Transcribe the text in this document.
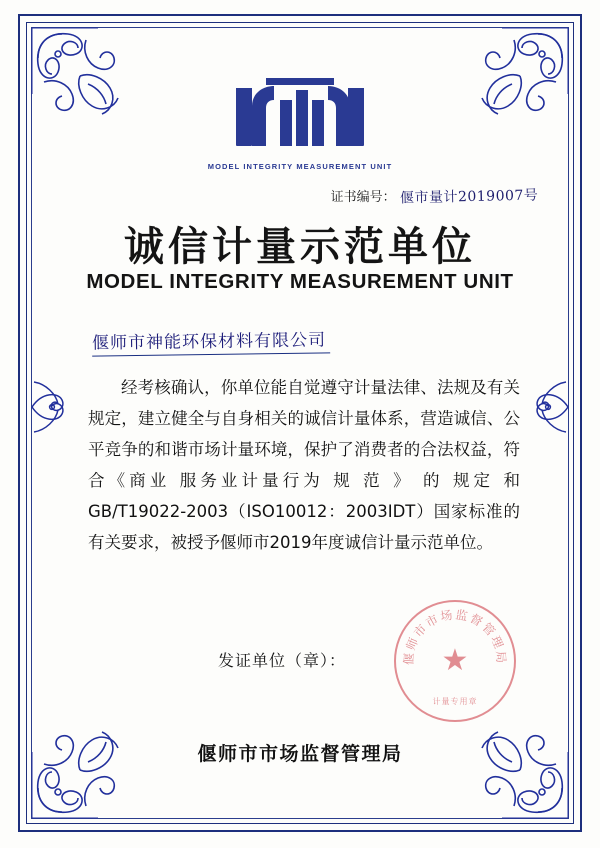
MODEL INTEGRITY MEASUREMENT UNIT
证书编号： 偃市量计2019007号
诚信计量示范单位
MODEL INTEGRITY MEASUREMENT UNIT
偃师市神能环保材料有限公司

经考核确认，你单位能自觉遵守计量法律、法规及有关规定，建立健全与自身相关的诚信计量体系，营造诚信、公平竞争的和谐市场计量环境，保护了消费者的合法权益，符合《商业 服务业计量行为 规 范 》 的 规定 和 GB/T19022-2003（ISO10012：2003IDT）国家标准的有关要求，被授予偃师市2019年度诚信计量示范单位。

发证单位（章）：	偃师市市场监督管理局
★
计量专用章
偃师市市场监督管理局
